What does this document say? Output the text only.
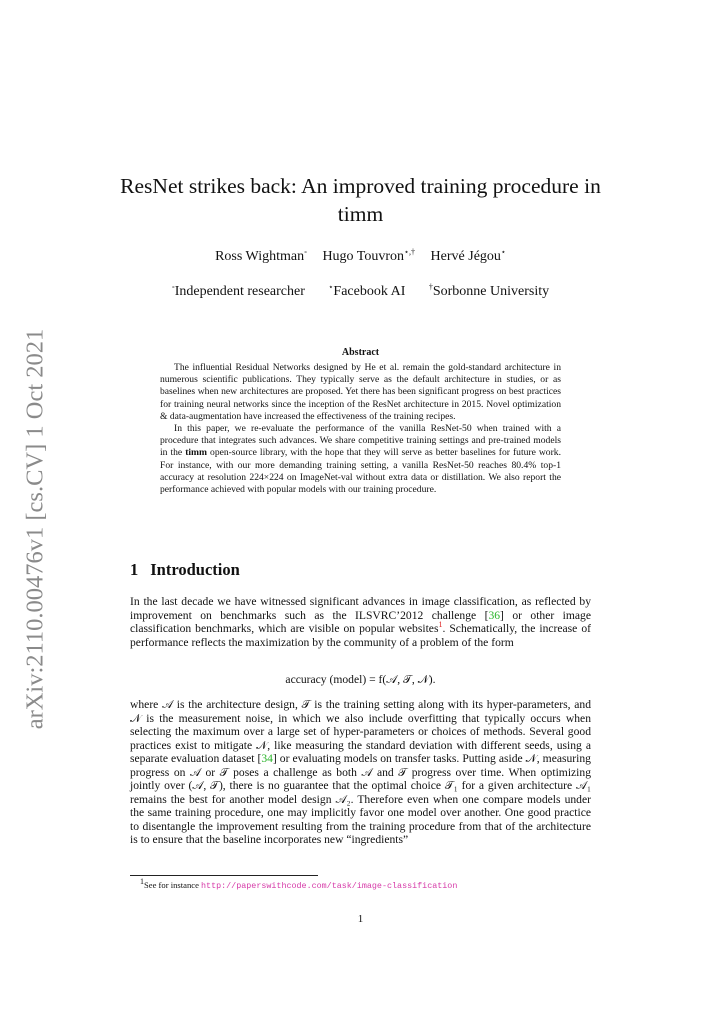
arXiv:2110.00476v1 [cs.CV] 1 Oct 2021
ResNet strikes back: An improved training procedure in timm
Ross Wightman◦ Hugo Touvron⋆,† Hervé Jégou⋆
◦Independent researcher	⋆Facebook AI	†Sorbonne University
Abstract

The influential Residual Networks designed by He et al. remain the gold-standard architecture in numerous scientific publications. They typically serve as the default architecture in studies, or as baselines when new architectures are proposed. Yet there has been significant progress on best practices for training neural networks since the inception of the ResNet architecture in 2015. Novel optimization & data-augmentation have increased the effectiveness of the training recipes.

In this paper, we re-evaluate the performance of the vanilla ResNet-50 when trained with a procedure that integrates such advances. We share competitive training settings and pre-trained models in the timm open-source library, with the hope that they will serve as better baselines for future work. For instance, with our more demanding training setting, a vanilla ResNet-50 reaches 80.4% top-1 accuracy at resolution 224×224 on ImageNet-val without extra data or distillation. We also report the performance achieved with popular models with our training procedure.

1 Introduction

In the last decade we have witnessed significant advances in image classification, as reflected by improvement on benchmarks such as the ILSVRC’2012 challenge [36] or other image classification benchmarks, which are visible on popular websites$^1$. Schematically, the increase of performance reflects the maximization by the community of a problem of the form

accuracy (model) = f(𝒜, 𝒯, 𝒩).

where 𝒜 is the architecture design, 𝒯 is the training setting along with its hyper-parameters, and 𝒩 is the measurement noise, in which we also include overfitting that typically occurs when selecting the maximum over a large set of hyper-parameters or choices of methods. Several good practices exist to mitigate 𝒩, like measuring the standard deviation with different seeds, using a separate evaluation dataset [34] or evaluating models on transfer tasks. Putting aside 𝒩, measuring progress on 𝒜 or 𝒯 poses a challenge as both 𝒜 and 𝒯 progress over time. When optimizing jointly over (𝒜, 𝒯), there is no guarantee that the optimal choice 𝒯₁ for a given architecture 𝒜₁ remains the best for another model design 𝒜₂. Therefore even when one compare models under the same training procedure, one may implicitly favor one model over another. One good practice to disentangle the improvement resulting from the training procedure from that of the architecture is to ensure that the baseline incorporates new “ingredients”

$^1$See for instance http://paperswithcode.com/task/image-classification
1
